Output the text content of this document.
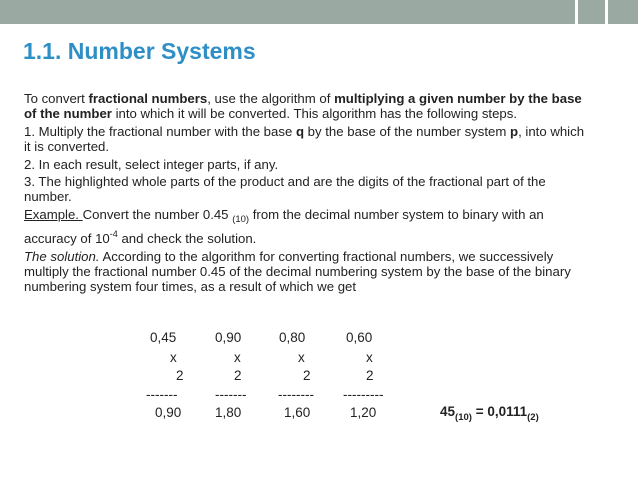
1.1. Number Systems

To convert fractional numbers, use the algorithm of multiplying a given number by the base of the number into which it will be converted. This algorithm has the following steps.

1. Multiply the fractional number with the base q by the base of the number system p, into which it is converted.

2. In each result, select integer parts, if any.

3. The highlighted whole parts of the product and are the digits of the fractional part of the number.

Example. Convert the number 0.45 $_{(10)}$ from the decimal number system to binary with an accuracy of $10^{-4}$ and check the solution.

The solution. According to the algorithm for converting fractional numbers, we successively multiply the fractional number 0.45 of the decimal numbering system by the base of the binary numbering system four times, as a result of which we get

0,45	0,90	0,80	0,60
x	x	x	x
2	2	2	2
-------	------- -------- ---------
0,90 1,80	1,60	1,20	$45_{(10)} = 0,0111_{(2)}$
